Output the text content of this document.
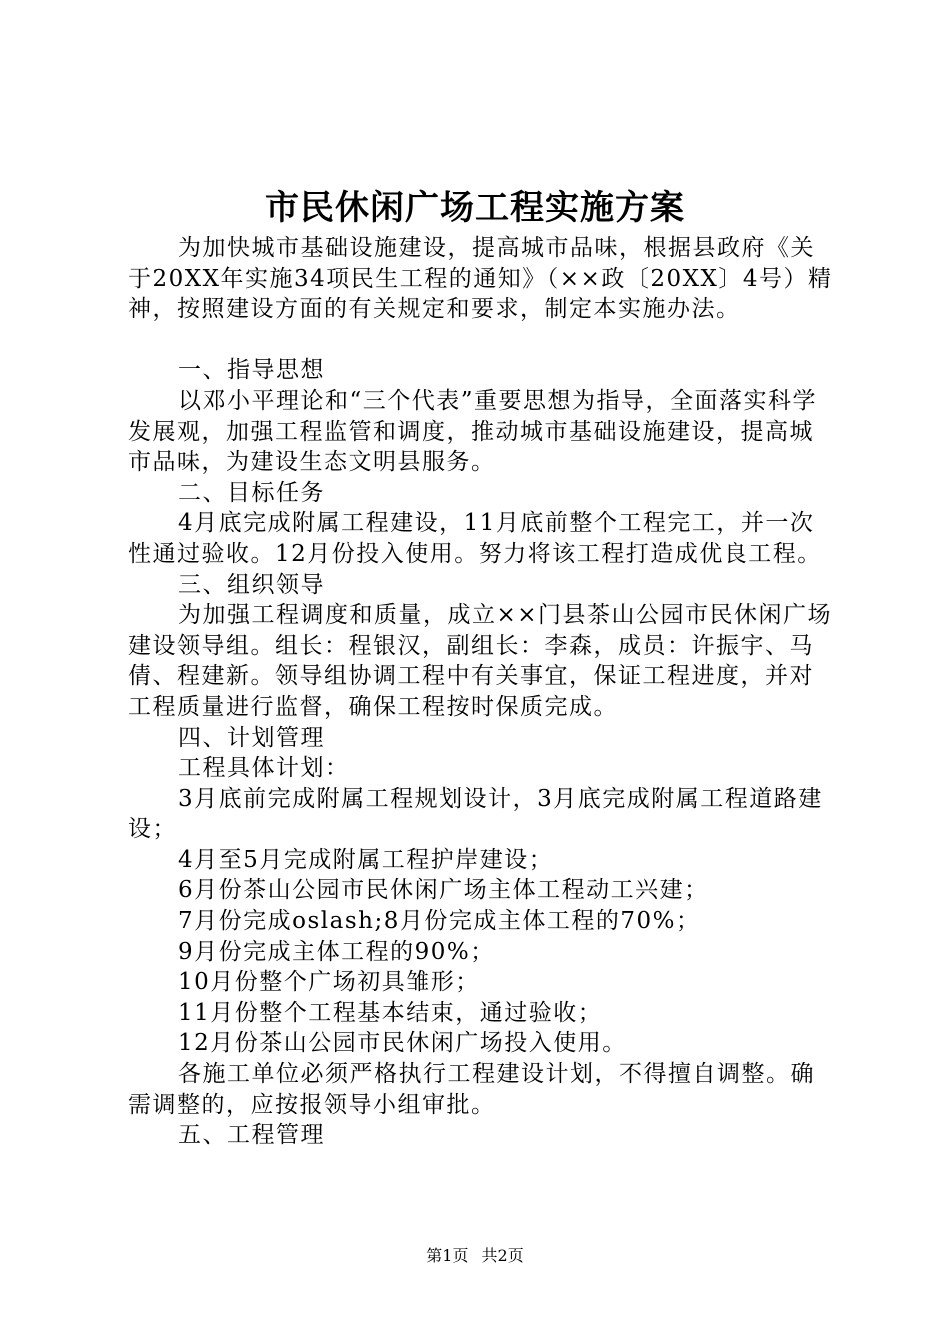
市民休闲广场工程实施方案

为加快城市基础设施建设，提高城市品味，根据县政府《关于20XX年实施34项民生工程的通知》（××政〔20XX〕4号）精神，按照建设方面的有关规定和要求，制定本实施办法。

一、指导思想

以邓小平理论和“三个代表”重要思想为指导，全面落实科学发展观，加强工程监管和调度，推动城市基础设施建设，提高城市品味，为建设生态文明县服务。

二、目标任务

4月底完成附属工程建设，11月底前整个工程完工，并一次性通过验收。12月份投入使用。努力将该工程打造成优良工程。

三、组织领导

为加强工程调度和质量，成立××门县茶山公园市民休闲广场建设领导组。组长：程银汉，副组长：李森，成员：许振宇、马倩、程建新。领导组协调工程中有关事宜，保证工程进度，并对工程质量进行监督，确保工程按时保质完成。

四、计划管理

工程具体计划：

3月底前完成附属工程规划设计，3月底完成附属工程道路建设；

4月至5月完成附属工程护岸建设；

6月份茶山公园市民休闲广场主体工程动工兴建；

7月份完成oslash;8月份完成主体工程的70%；

9月份完成主体工程的90%；

10月份整个广场初具雏形；

11月份整个工程基本结束，通过验收；

12月份茶山公园市民休闲广场投入使用。

各施工单位必须严格执行工程建设计划，不得擅自调整。确需调整的，应按报领导小组审批。

五、工程管理

第1页 共2页
